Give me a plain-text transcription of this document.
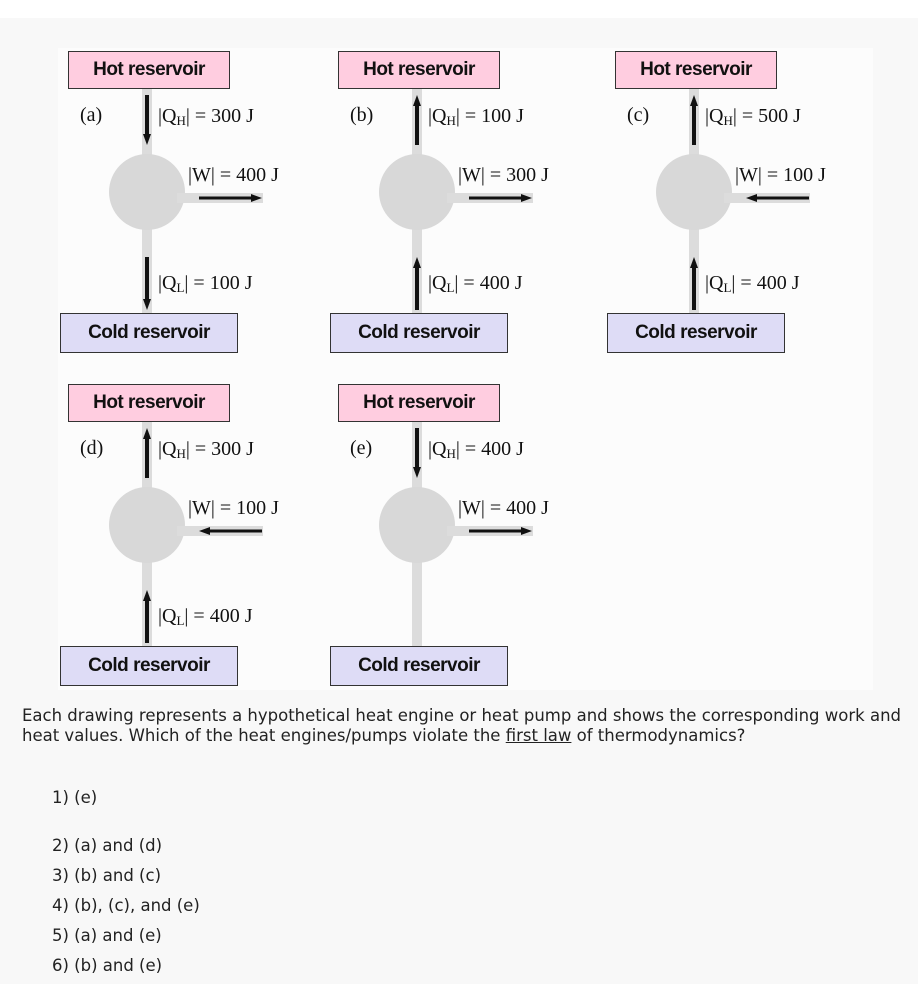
Hot reservoir
Cold reservoir
(a)	$|Q_H| = 300$ J
|W| = 400 J
$|Q_L| = 100$ J
Hot reservoir
Cold reservoir
(b)	$|Q_H| = 100$ J
|W| = 300 J
$|Q_L| = 400$ J
Hot reservoir
Cold reservoir
(c)	$|Q_H| = 500$ J
|W| = 100 J
$|Q_L| = 400$ J
Hot reservoir
Cold reservoir
(d)	$|Q_H| = 300$ J
|W| = 100 J
$|Q_L| = 400$ J
Hot reservoir
Cold reservoir
(e)	$|Q_H| = 400$ J
|W| = 400 J
Each drawing represents a hypothetical heat engine or heat pump and shows the corresponding work and heat values. Which of the heat engines/pumps violate the first law of thermodynamics?
1) (e)
2) (a) and (d)
3) (b) and (c)
4) (b), (c), and (e)
5) (a) and (e)
6) (b) and (e)
